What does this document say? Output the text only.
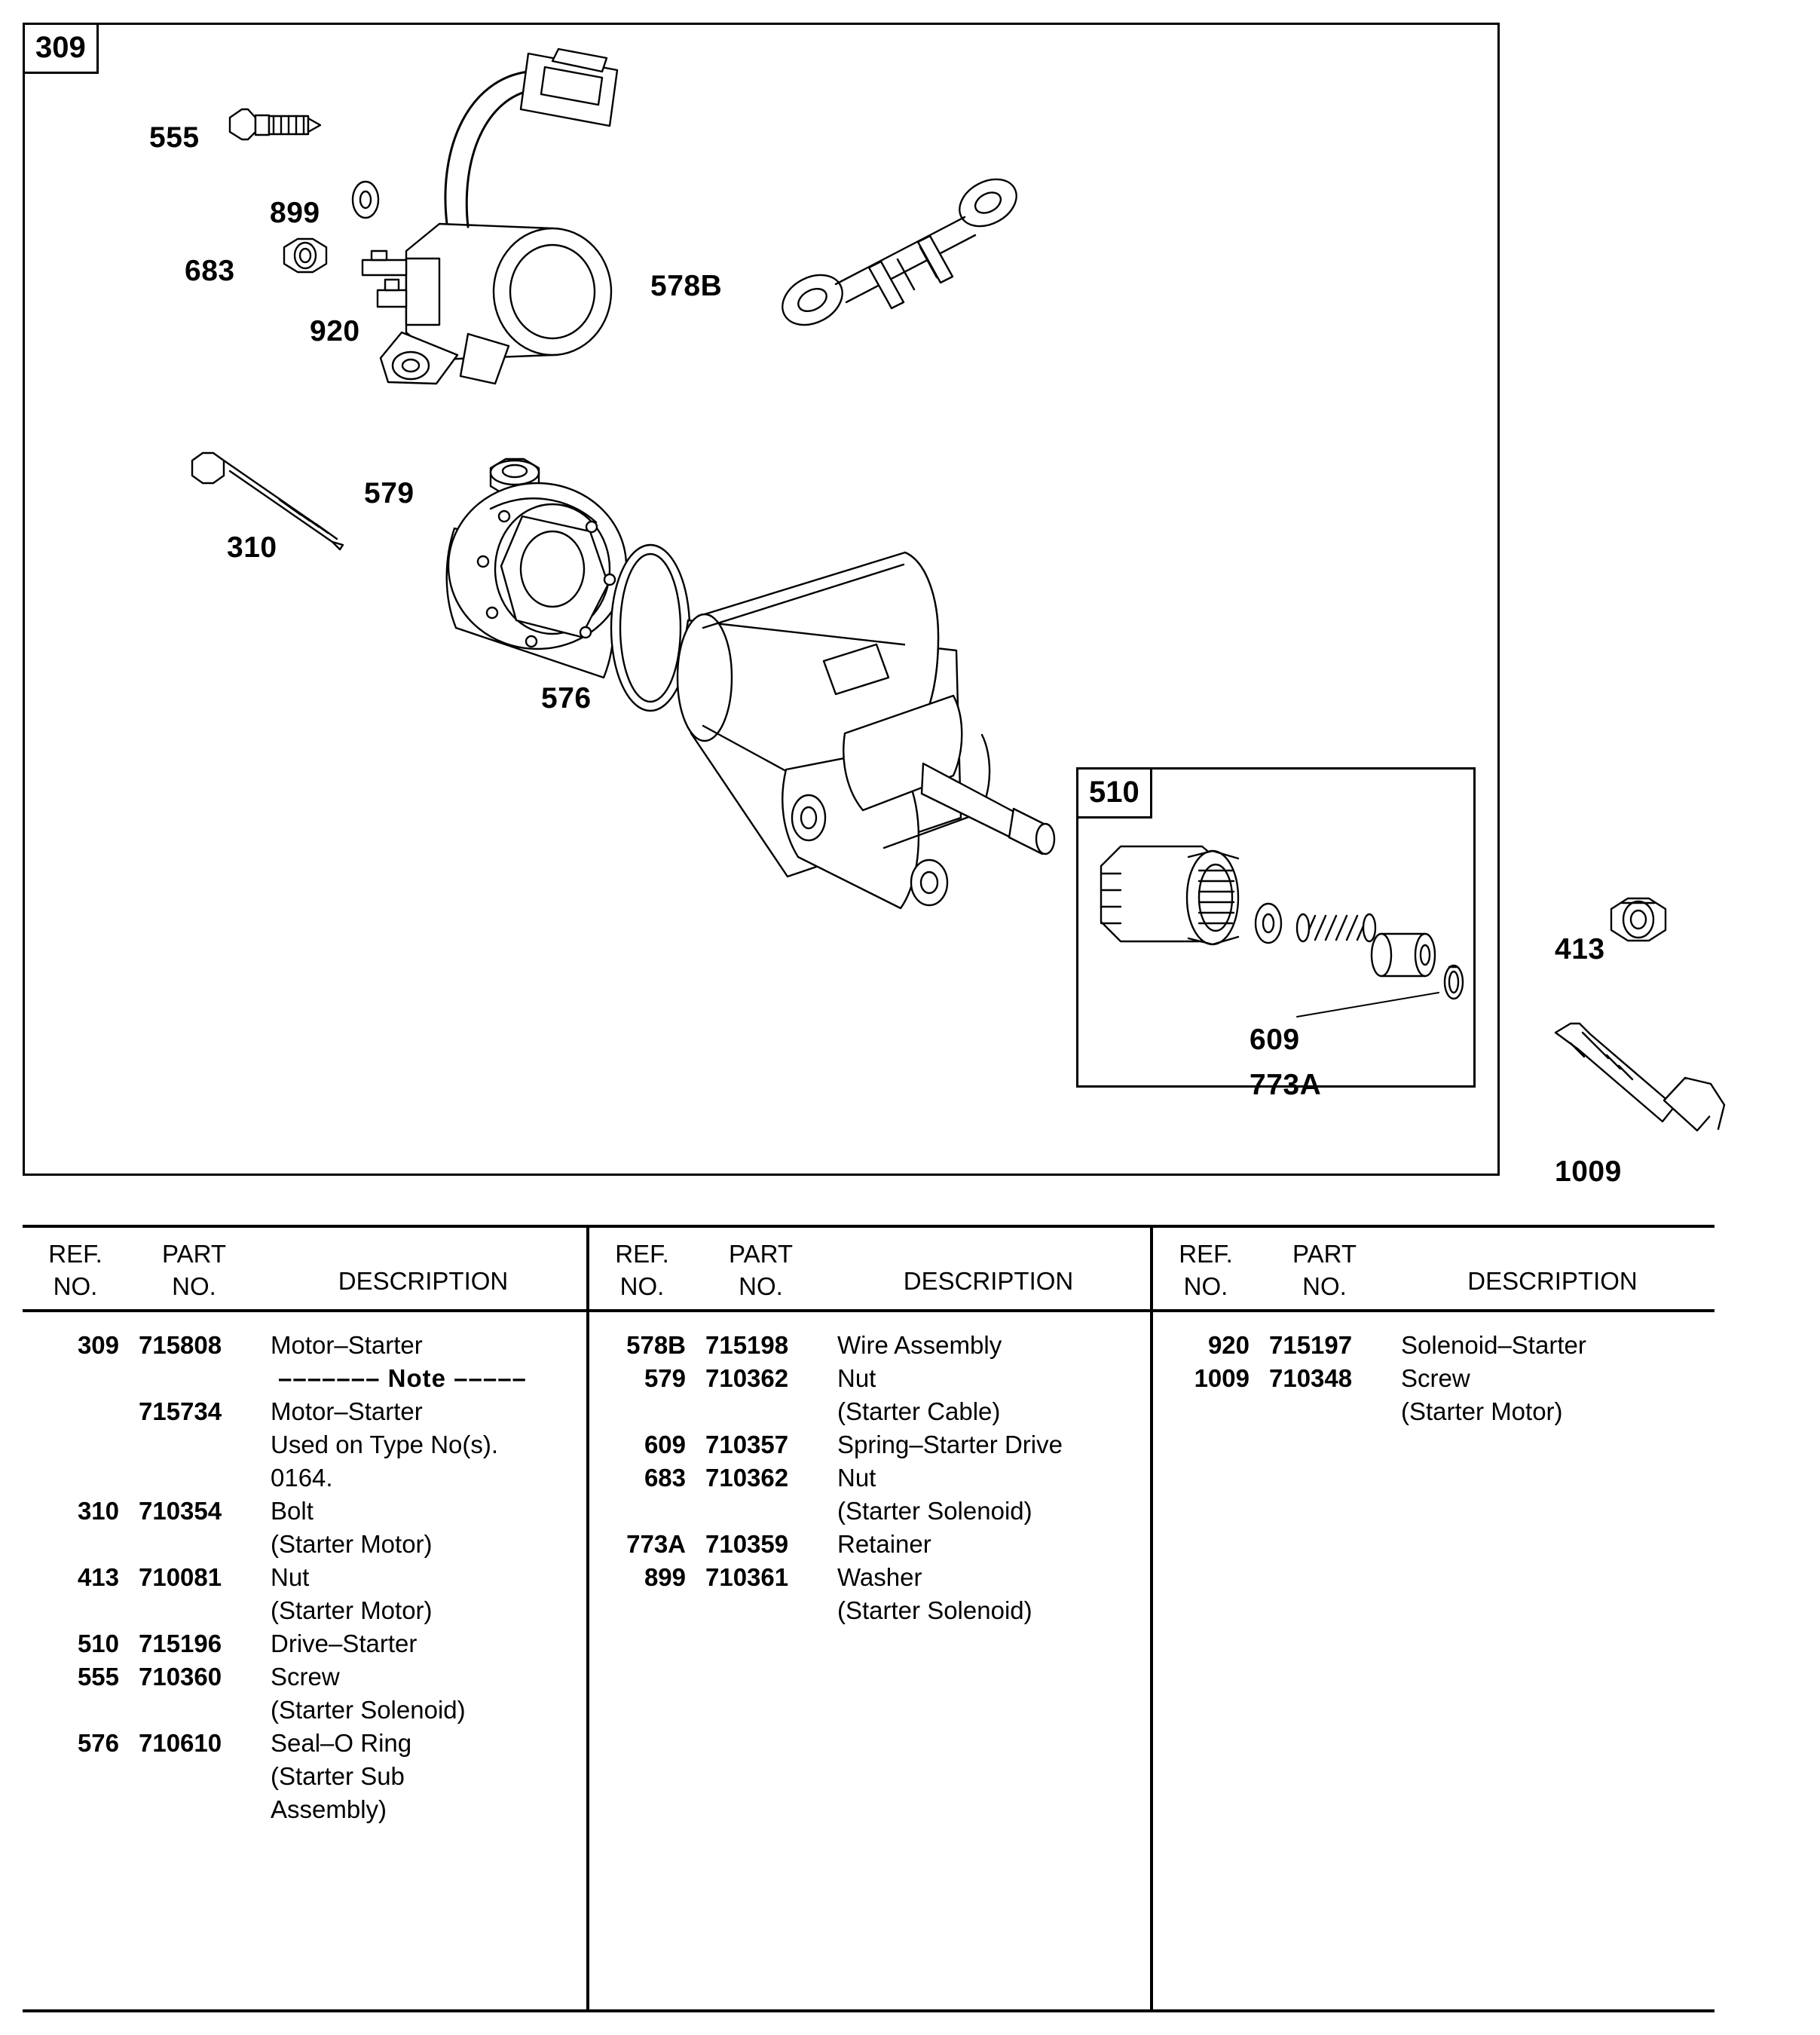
309
510
555
899
683
920
578B
579
310
576
609
773A
413
1009
REF.
NO.
PART
NO.	DESCRIPTION
309 715808	Motor–Starter
––––––– Note –––––
715734	Motor–Starter
Used on Type No(s).
0164.
310 710354	Bolt
(Starter Motor)
413 710081	Nut
(Starter Motor)
510 715196	Drive–Starter
555 710360	Screw
(Starter Solenoid)
576 710610	Seal–O Ring
(Starter Sub
Assembly)
REF.
NO.
PART
NO.	DESCRIPTION
578B 715198	Wire Assembly
579 710362	Nut
(Starter Cable)
609 710357	Spring–Starter Drive
683 710362	Nut
(Starter Solenoid)
773A 710359	Retainer
899 710361	Washer
(Starter Solenoid)
REF.
NO.
PART
NO.	DESCRIPTION
920 715197	Solenoid–Starter
1009 710348	Screw
(Starter Motor)
